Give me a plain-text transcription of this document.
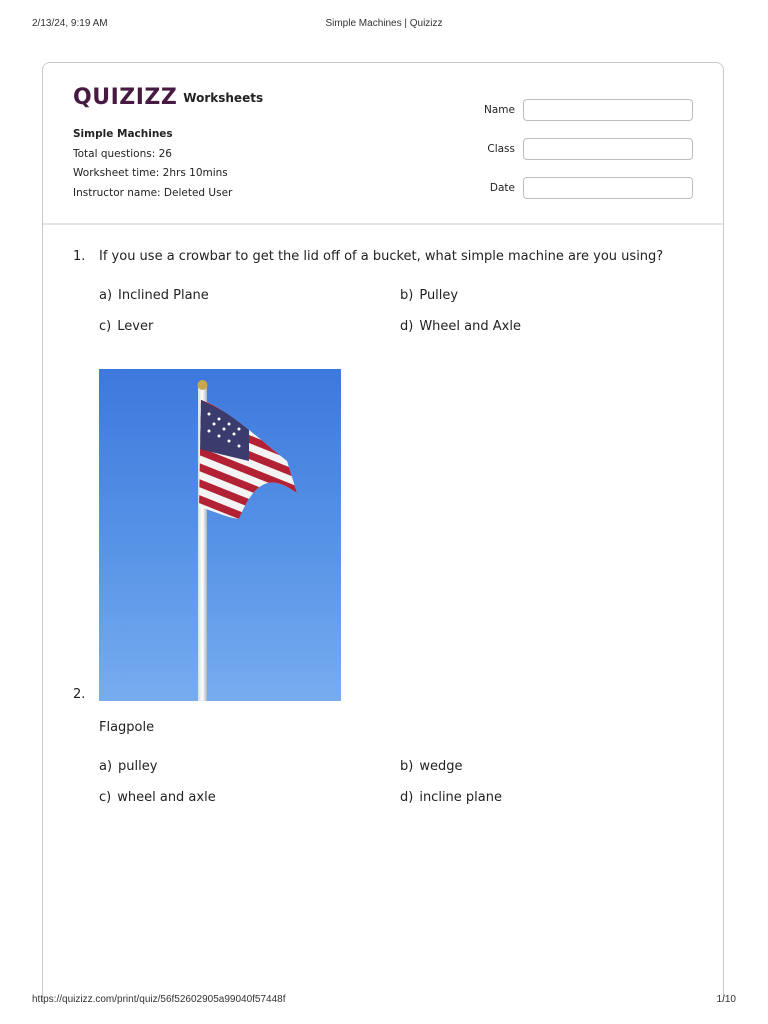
2/13/24, 9:19 AM	Simple Machines | Quizizz
QUIZIZZ Worksheets
Simple Machines
Total questions: 26
Worksheet time: 2hrs 10mins
Instructor name: Deleted User
Name
Class
Date
1. If you use a crowbar to get the lid off of a bucket, what simple machine are you using?
a) Inclined Plane	b) Pulley
c) Lever	d) Wheel and Axle
2.
Flagpole
a) pulley	b) wedge
c) wheel and axle	d) incline plane
https://quizizz.com/print/quiz/56f52602905a99040f57448f	1/10
